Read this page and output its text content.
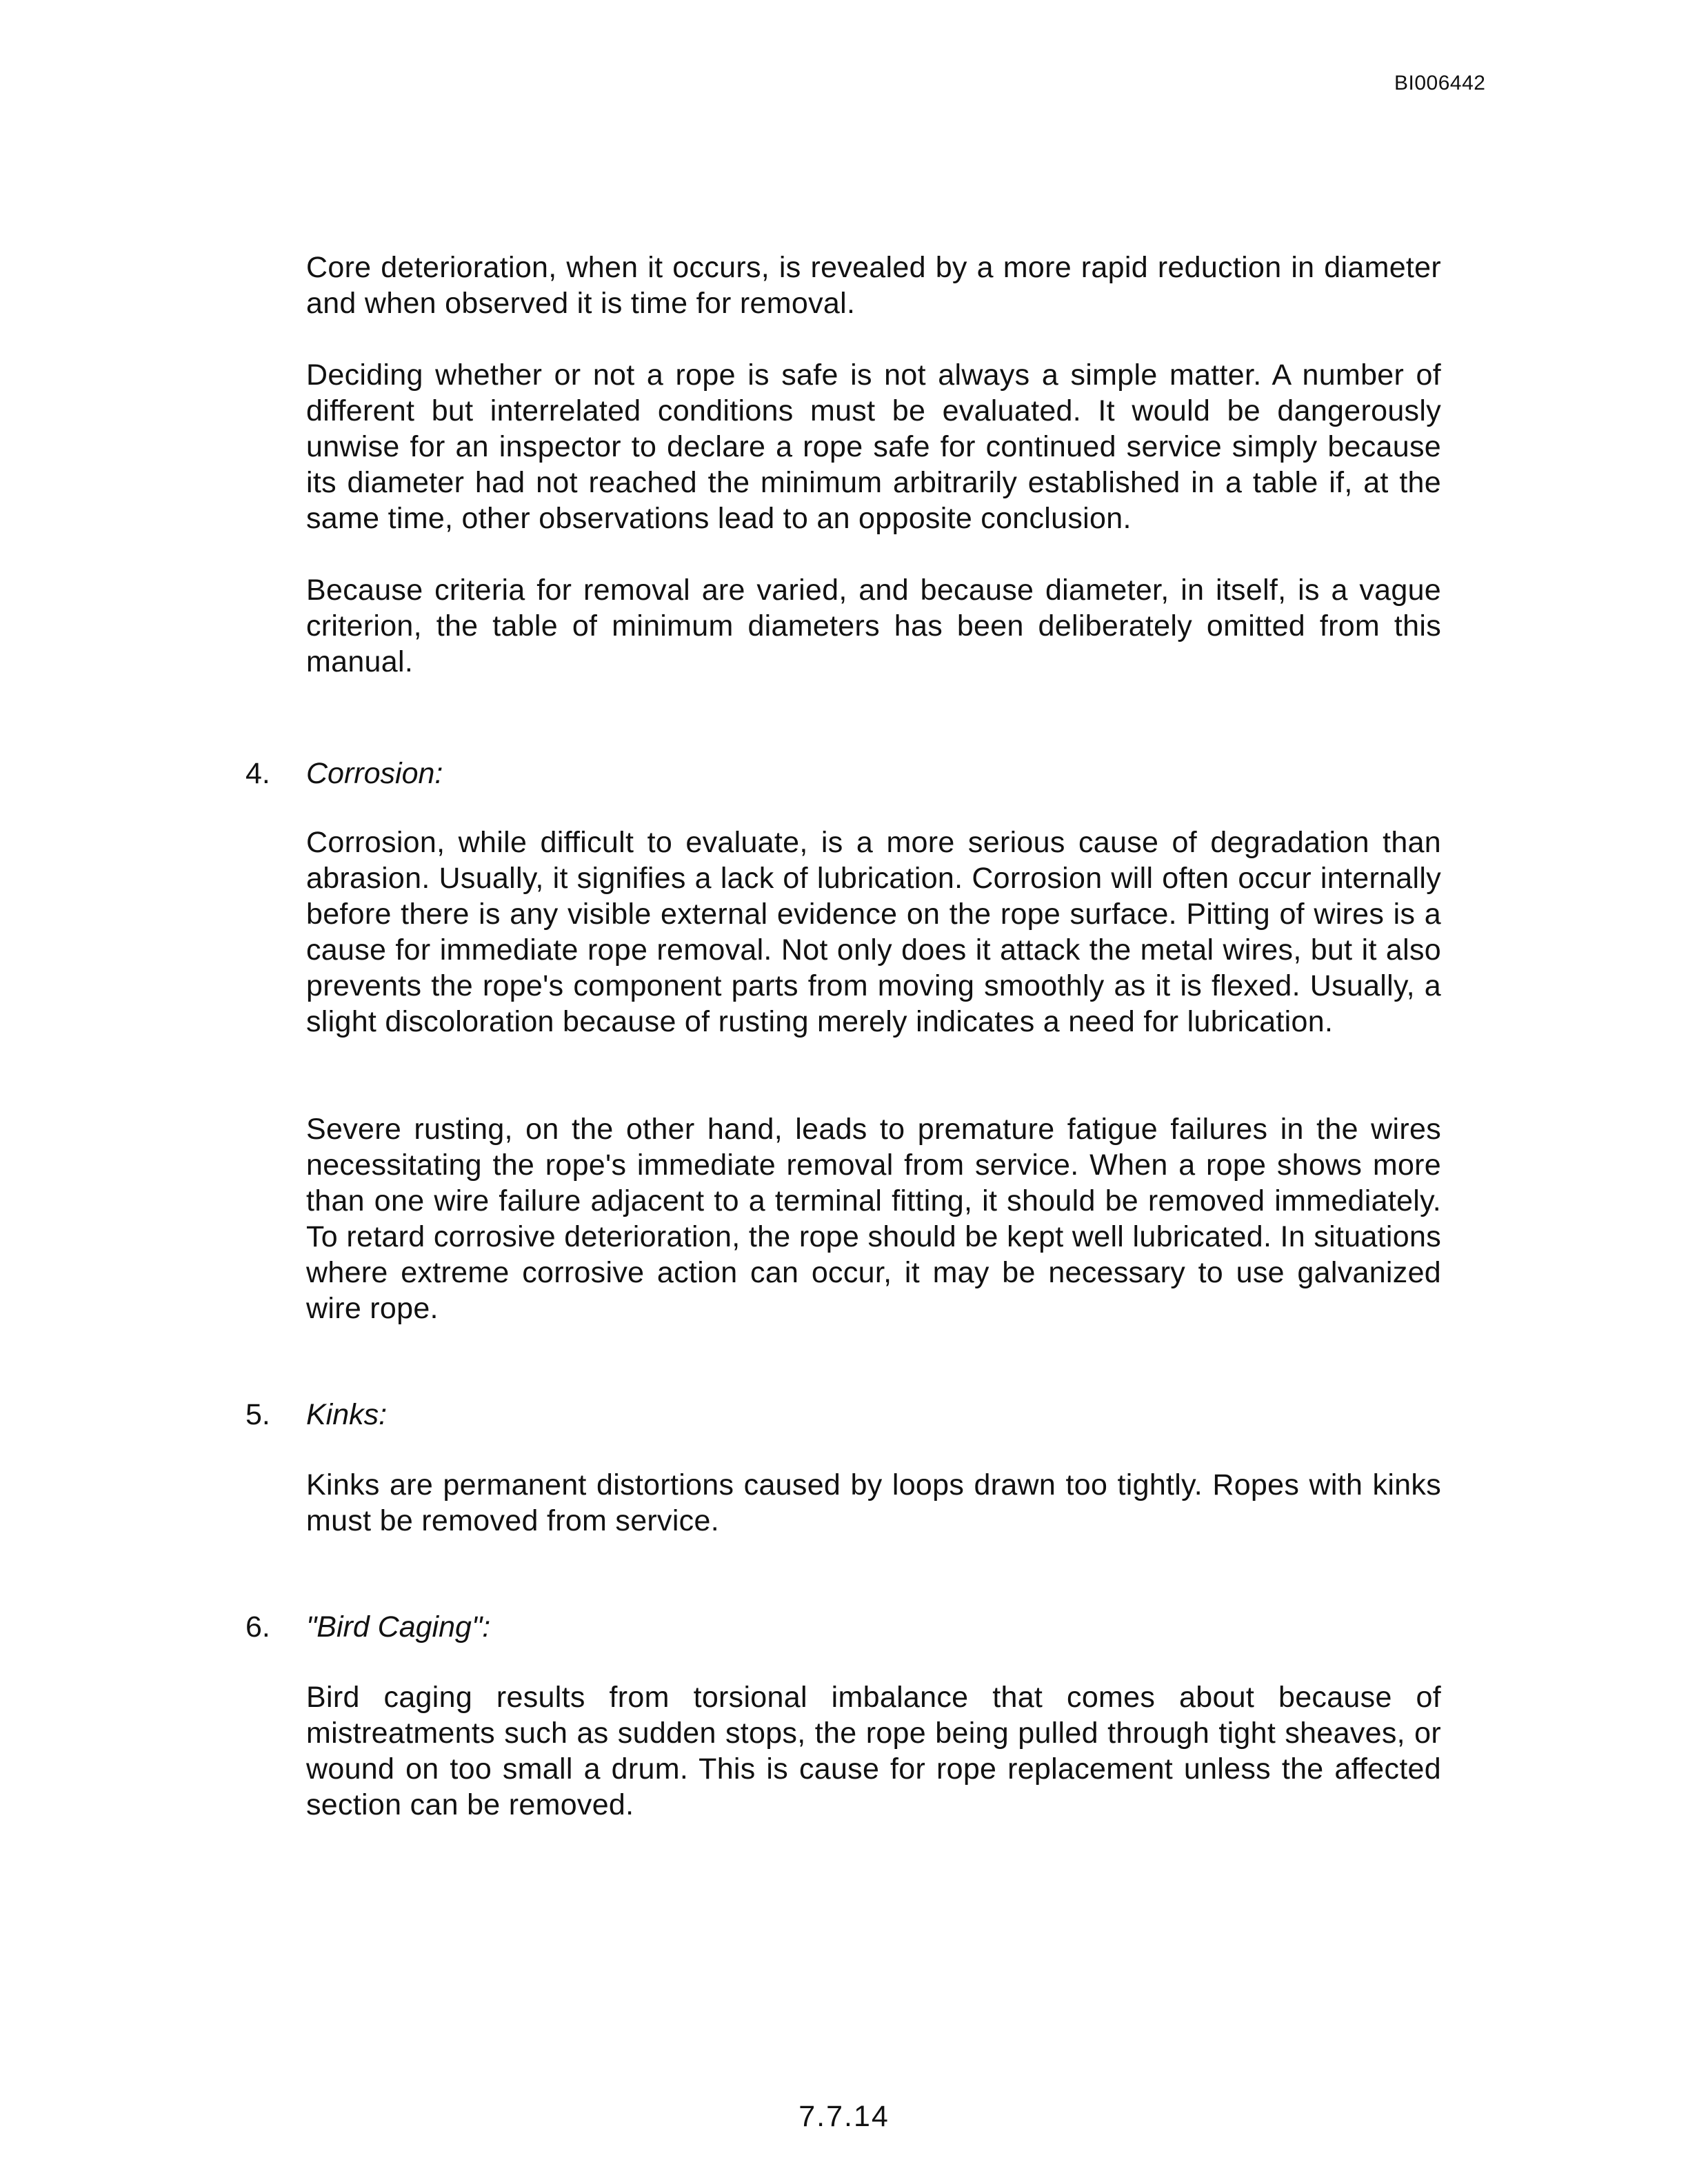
BI006442

Core deterioration, when it occurs, is revealed by a more rapid reduction in diameter and when observed it is time for removal.

Deciding whether or not a rope is safe is not always a simple matter. A number of different but interrelated conditions must be evaluated. It would be dangerously unwise for an inspector to declare a rope safe for continued service simply because its diameter had not reached the minimum arbitrarily established in a table if, at the same time, other observations lead to an opposite conclusion.

Because criteria for removal are varied, and because diameter, in itself, is a vague criterion, the table of minimum diameters has been deliberately omitted from this manual.

4. Corrosion:

Corrosion, while difficult to evaluate, is a more serious cause of degradation than abrasion. Usually, it signifies a lack of lubrication. Corrosion will often occur internally before there is any visible external evidence on the rope surface. Pitting of wires is a cause for immediate rope removal. Not only does it attack the metal wires, but it also prevents the rope's component parts from moving smoothly as it is flexed. Usually, a slight discoloration because of rusting merely indicates a need for lubrication.

Severe rusting, on the other hand, leads to premature fatigue failures in the wires necessitating the rope's immediate removal from service. When a rope shows more than one wire failure adjacent to a terminal fitting, it should be removed immediately. To retard corrosive deterioration, the rope should be kept well lubricated. In situations where extreme corrosive action can occur, it may be necessary to use galvanized wire rope.

5. Kinks:

Kinks are permanent distortions caused by loops drawn too tightly. Ropes with kinks must be removed from service.

6. "Bird Caging":

Bird caging results from torsional imbalance that comes about because of mistreatments such as sudden stops, the rope being pulled through tight sheaves, or wound on too small a drum. This is cause for rope replacement unless the affected section can be removed.

7.7.14
